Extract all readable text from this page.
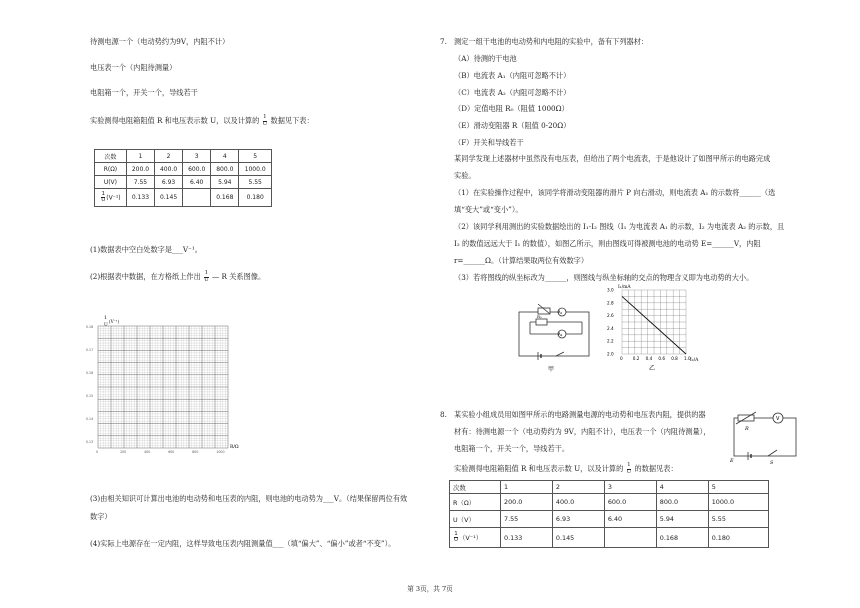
待测电源一个（电动势约为9V，内阻不计）
电压表一个（内阻待测量）
电阻箱一个，开关一个，导线若干
实验测得电阻箱阻值 R 和电压表示数 U，以及计算的 $\frac{1}{U}$ 数据见下表：
次数	1	2	3	4	5
R(Ω)	200.0	400.0	600.0	800.0	1000.0
U(V)	7.55	6.93	6.40	5.94	5.55

$\frac{1}{U} (V^{-1})$	0.133	0.145		0.168	0.180
(1)数据表中空白处数字是___V⁻¹。
(2)根据表中数据，在方格纸上作出 $\frac{1}{U}$ — R 关系图像。
0.18
0.17
0.16
0.15
0.14
0.13
0	200	400	600	800	1000
1
U
(V⁻¹)
R/Ω
(3)由相关知识可计算出电池的电动势和电压表的内阻，则电池的电动势为___V。（结果保留两位有效
数字）
(4)实际上电源存在一定内阻，这样导致电压表内阻测量值___（填“偏大”、“偏小”或者“不变”）。
7.　测定一组干电池的电动势和内电阻的实验中，备有下列器材：
（A）待测的干电池
（B）电流表 A₁（内阻可忽略不计）
（C）电流表 A₂（内阻可忽略不计）
（D）定值电阻 R₀（阻值 1000Ω）
（E）滑动变阻器 R（阻值 0-20Ω）
（F）开关和导线若干
某同学发现上述器材中虽然没有电压表，但给出了两个电流表，于是他设计了如图甲所示的电路完成
实验。
（1）在实验操作过程中，该同学将滑动变阻器的滑片 P 向右滑动，则电流表 A₁ 的示数将______（选
填“变大”或“变小”）。
（2）该同学利用测出的实验数据绘出的 I₁-I₂ 图线（I₁ 为电流表 A₁ 的示数，I₂ 为电流表 A₂ 的示数，且
I₂ 的数值远远大于 I₁ 的数值），如图乙所示，则由图线可得被测电池的电动势 E=______V，内阻
r=______Ω。（计算结果取两位有效数字）
（3）若将图线的纵坐标改为______，则图线与纵坐标轴的交点的物理含义即为电动势的大小。
A₁
A₂
R₀
甲
3.0
2.8
2.6
2.4
2.2
2.0
0 0.2 0.4 0.6 0.8 1.0
I₁/mA
I₂/A
乙
8.　某实验小组成员用如图甲所示的电路测量电源的电动势和电压表内阻，提供的器
材有：待测电源一个（电动势约为 9V，内阻不计），电压表一个（内阻待测量），
电阻箱一个，开关一个，导线若干。
实验测得电阻箱阻值 R 和电压表示数 U，以及计算的 $\frac{1}{U}$ 的数据见表：
R
V
E	S
次数	1	2	3	4	5
R（Ω）	200.0	400.0	600.0	800.0	1000.0
U（V）	7.55	6.93	6.40	5.94	5.55

$\frac{1}{U} (V^{-1})$	0.133	0.145		0.168	0.180
第 3页，共 7页
